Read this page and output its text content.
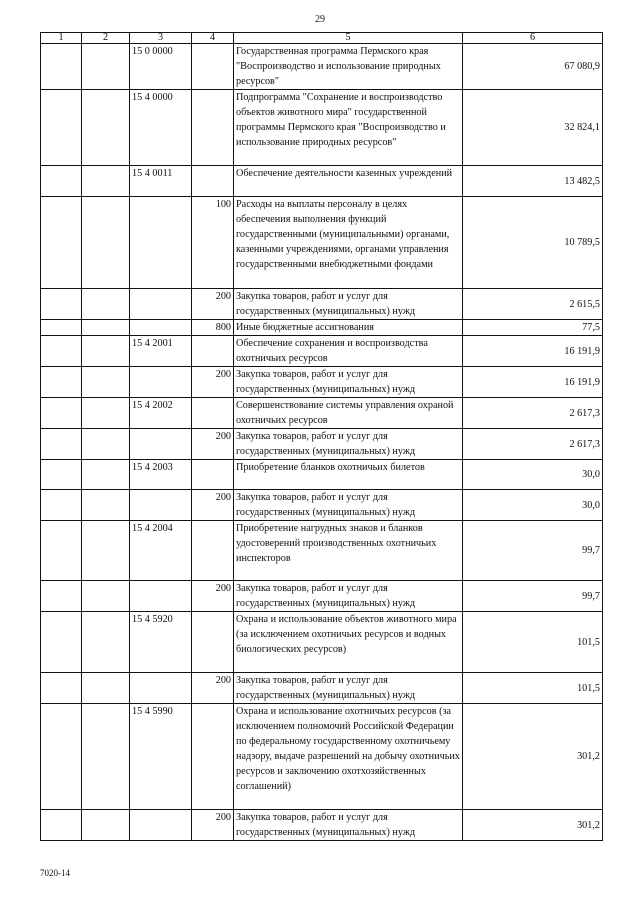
29
1	2	3	4	5	6
		15 0 0000		Государственная программа Пермского края "Воспроизводство и использование природных ресурсов"	67 080,9
		15 4 0000		Подпрограмма "Сохранение и воспроизводство объектов животного мира" государственной программы Пермского края "Воспроизводство и использование природных ресурсов"	32 824,1
		15 4 0011		Обеспечение деятельности казенных учреждений	13 482,5
			100	Расходы на выплаты персоналу в целях обеспечения выполнения функций государственными (муниципальными) органами, казенными учреждениями, органами управления государственными внебюджетными фондами	10 789,5
			200	Закупка товаров, работ и услуг для государственных (муниципальных) нужд	2 615,5
			800	Иные бюджетные ассигнования	77,5
		15 4 2001		Обеспечение сохранения и воспроизводства охотничьих ресурсов	16 191,9
			200	Закупка товаров, работ и услуг для государственных (муниципальных) нужд	16 191,9
		15 4 2002		Совершенствование системы управления охраной охотничьих ресурсов	2 617,3
			200	Закупка товаров, работ и услуг для государственных (муниципальных) нужд	2 617,3
		15 4 2003		Приобретение бланков охотничьих билетов	30,0
			200	Закупка товаров, работ и услуг для государственных (муниципальных) нужд	30,0
		15 4 2004		Приобретение нагрудных знаков и бланков удостоверений производственных охотничьих инспекторов	99,7
			200	Закупка товаров, работ и услуг для государственных (муниципальных) нужд	99,7
		15 4 5920		Охрана и использование объектов животного мира (за исключением охотничьих ресурсов и водных биологических ресурсов)	101,5
			200	Закупка товаров, работ и услуг для государственных (муниципальных) нужд	101,5
		15 4 5990		Охрана и использование охотничьих ресурсов (за исключением полномочий Российской Федерации по федеральному государственному охотничьему надзору, выдаче разрешений на добычу охотничьих ресурсов и заключению охотхозяйственных соглашений)	301,2
			200	Закупка товаров, работ и услуг для государственных (муниципальных) нужд	301,2
7020-14
